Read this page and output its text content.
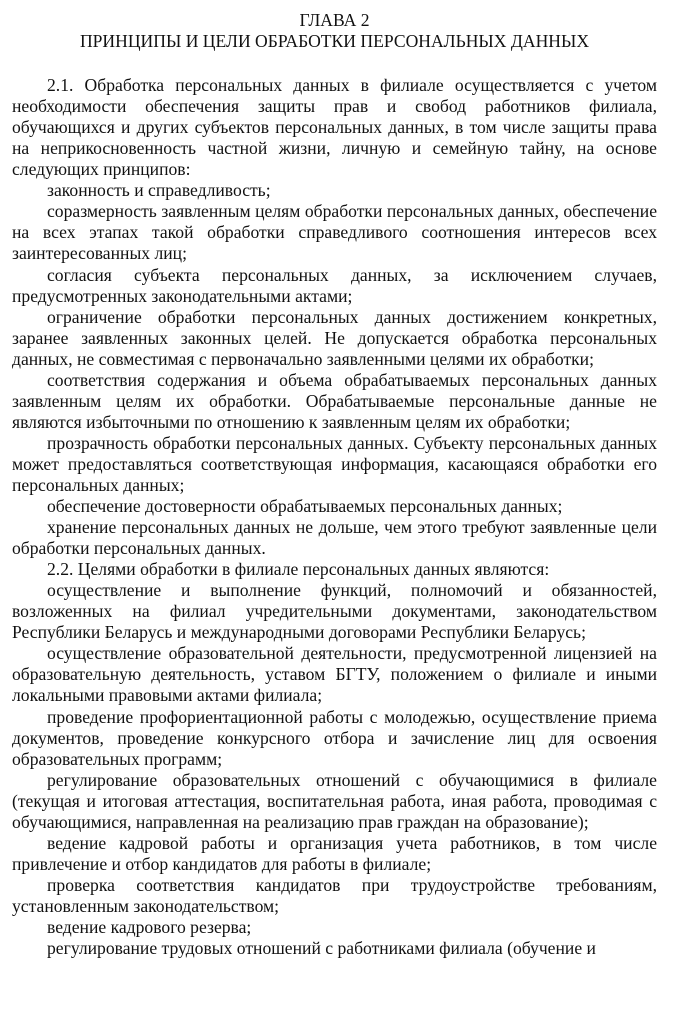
ГЛАВА 2

ПРИНЦИПЫ И ЦЕЛИ ОБРАБОТКИ ПЕРСОНАЛЬНЫХ ДАННЫХ

2.1. Обработка персональных данных в филиале осуществляется с учетом необходимости обеспечения защиты прав и свобод работников филиала, обучающихся и других субъектов персональных данных, в том числе защиты права на неприкосновенность частной жизни, личную и семейную тайну, на основе следующих принципов:

законность и справедливость;

соразмерность заявленным целям обработки персональных данных, обеспечение на всех этапах такой обработки справедливого соотношения интересов всех заинтересованных лиц;

согласия субъекта персональных данных, за исключением случаев, предусмотренных законодательными актами;

ограничение обработки персональных данных достижением конкретных, заранее заявленных законных целей. Не допускается обработка персональных данных, не совместимая с первоначально заявленными целями их обработки;

соответствия содержания и объема обрабатываемых персональных данных заявленным целям их обработки. Обрабатываемые персональные данные не являются избыточными по отношению к заявленным целям их обработки;

прозрачность обработки персональных данных. Субъекту персональных данных может предоставляться соответствующая информация, касающаяся обработки его персональных данных;

обеспечение достоверности обрабатываемых персональных данных;

хранение персональных данных не дольше, чем этого требуют заявленные цели обработки персональных данных.

2.2. Целями обработки в филиале персональных данных являются:

осуществление и выполнение функций, полномочий и обязанностей, возложенных на филиал учредительными документами, законодательством Республики Беларусь и международными договорами Республики Беларусь;

осуществление образовательной деятельности, предусмотренной лицензией на образовательную деятельность, уставом БГТУ, положением о филиале и иными локальными правовыми актами филиала;

проведение профориентационной работы с молодежью, осуществление приема документов, проведение конкурсного отбора и зачисление лиц для освоения образовательных программ;

регулирование образовательных отношений с обучающимися в филиале (текущая и итоговая аттестация, воспитательная работа, иная работа, проводимая с обучающимися, направленная на реализацию прав граждан на образование);

ведение кадровой работы и организация учета работников, в том числе привлечение и отбор кандидатов для работы в филиале;

проверка соответствия кандидатов при трудоустройстве требованиям, установленным законодательством;

ведение кадрового резерва;

регулирование трудовых отношений с работниками филиала (обучение и
